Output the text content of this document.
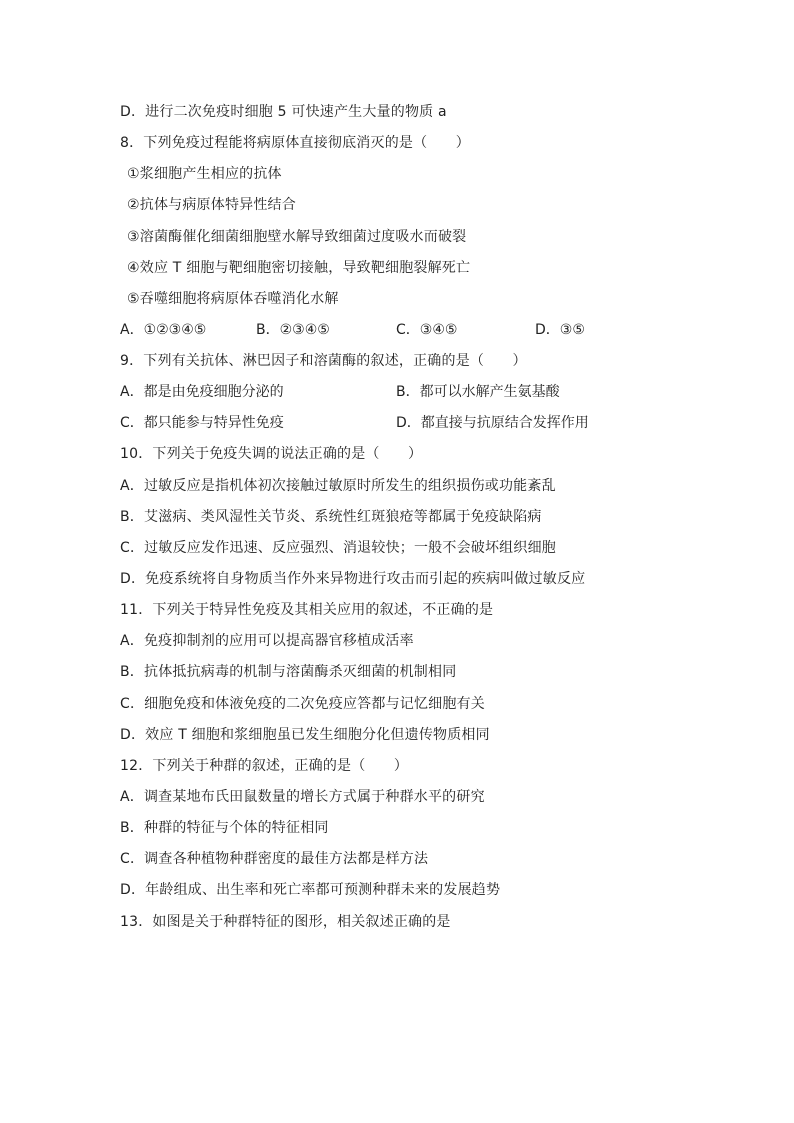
D．进行二次免疫时细胞 5 可快速产生大量的物质 a
8．下列免疫过程能将病原体直接彻底消灭的是（　　）
①浆细胞产生相应的抗体
②抗体与病原体特异性结合
③溶菌酶催化细菌细胞壁水解导致细菌过度吸水而破裂
④效应 T 细胞与靶细胞密切接触，导致靶细胞裂解死亡
⑤吞噬细胞将病原体吞噬消化水解
A．①②③④⑤	B．②③④⑤	C．③④⑤	D．③⑤
9．下列有关抗体、淋巴因子和溶菌酶的叙述，正确的是（　　）
A．都是由免疫细胞分泌的	B．都可以水解产生氨基酸
C．都只能参与特异性免疫	D．都直接与抗原结合发挥作用
10．下列关于免疫失调的说法正确的是（　　）
A．过敏反应是指机体初次接触过敏原时所发生的组织损伤或功能紊乱
B．艾滋病、类风湿性关节炎、系统性红斑狼疮等都属于免疫缺陷病
C．过敏反应发作迅速、反应强烈、消退较快；一般不会破坏组织细胞
D．免疫系统将自身物质当作外来异物进行攻击而引起的疾病叫做过敏反应
11．下列关于特异性免疫及其相关应用的叙述，不正确的是
A．免疫抑制剂的应用可以提高器官移植成活率
B．抗体抵抗病毒的机制与溶菌酶杀灭细菌的机制相同
C．细胞免疫和体液免疫的二次免疫应答都与记忆细胞有关
D．效应 T 细胞和浆细胞虽已发生细胞分化但遗传物质相同
12．下列关于种群的叙述，正确的是（　　）
A．调查某地布氏田鼠数量的增长方式属于种群水平的研究
B．种群的特征与个体的特征相同
C．调查各种植物种群密度的最佳方法都是样方法
D．年龄组成、出生率和死亡率都可预测种群未来的发展趋势
13．如图是关于种群特征的图形，相关叙述正确的是
